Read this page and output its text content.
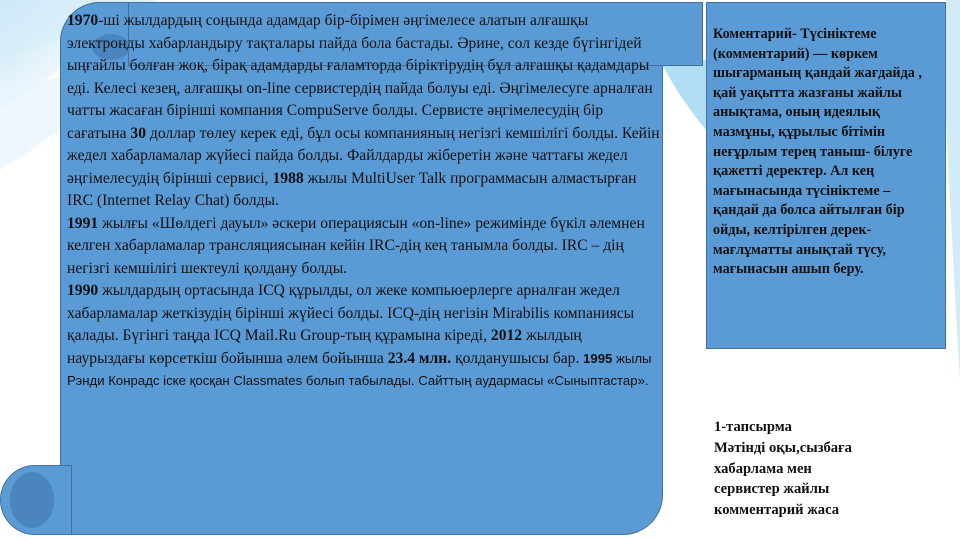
1970-ші жылдардың соңында адамдар бір-бірімен әңгімелесе алатын алғашқы электронды хабарландыру тақталары пайда бола бастады. Әрине, сол кезде бүгінгідей ыңғайлы болған жоқ, бірақ адамдарды ғаламторда біріктірудің бұл алғашқы қадамдары еді. Келесі кезең, алғашқы on-line сервистердің пайда болуы еді. Әңгімелесуге арналған чатты жасаған бірінші компания CompuServe болды. Сервисте әңгімелесудің бір сағатына 30 доллар төлеу керек еді, бұл осы компанияның негізгі кемшілігі болды. Кейін жедел хабарламалар жүйесі пайда болды. Файлдарды жіберетін және чаттағы жедел әңгімелесудің бірінші сервисі, 1988 жылы MultiUser Talk программасын алмастырған IRC (Internet Relay Chat) болды.

1991 жылғы «Шөлдегі дауыл» әскери операциясын «on-line» режимінде бүкіл әлемнен келген хабарламалар трансляциясынан кейін IRC-дің кең танымла болды. IRC – дің негізгі кемшілігі шектеулі қолдану болды.

1990 жылдардың ортасында ICQ құрылды, ол жеке компьюерлерге арналған жедел хабарламалар жеткізудің бірінші жүйесі болды. ICQ-дің негізін Mirabilis компаниясы қалады. Бүгінгі таңда ICQ Mail.Ru Group-тың құрамына кіреді, 2012 жылдың наурыздағы көрсеткіш бойынша әлем бойынша 23.4 млн. қолданушысы бар. 1995 жылы Рэнди Конрадс іске қосқан Classmates болып табылады. Сайттың аудармасы «Сыныптастар».

Коментарий- Түсініктеме (комментарий) — көркем шығарманың қандай жағдайда , қай уақытта жазғаны жайлы анықтама, оның идеялық мазмұны, құрылыс бітімін неғұрлым терең таныш- білуге қажетті деректер. Ал кең мағынасында түсініктеме – қандай да болса айтылған бір ойды, келтірілген дерек-мағлұматты анықтай түсу, мағынасын ашып беру.

1-тапсырма
Мәтінді оқы,сызбаға
хабарлама мен
сервистер жайлы
комментарий жаса
